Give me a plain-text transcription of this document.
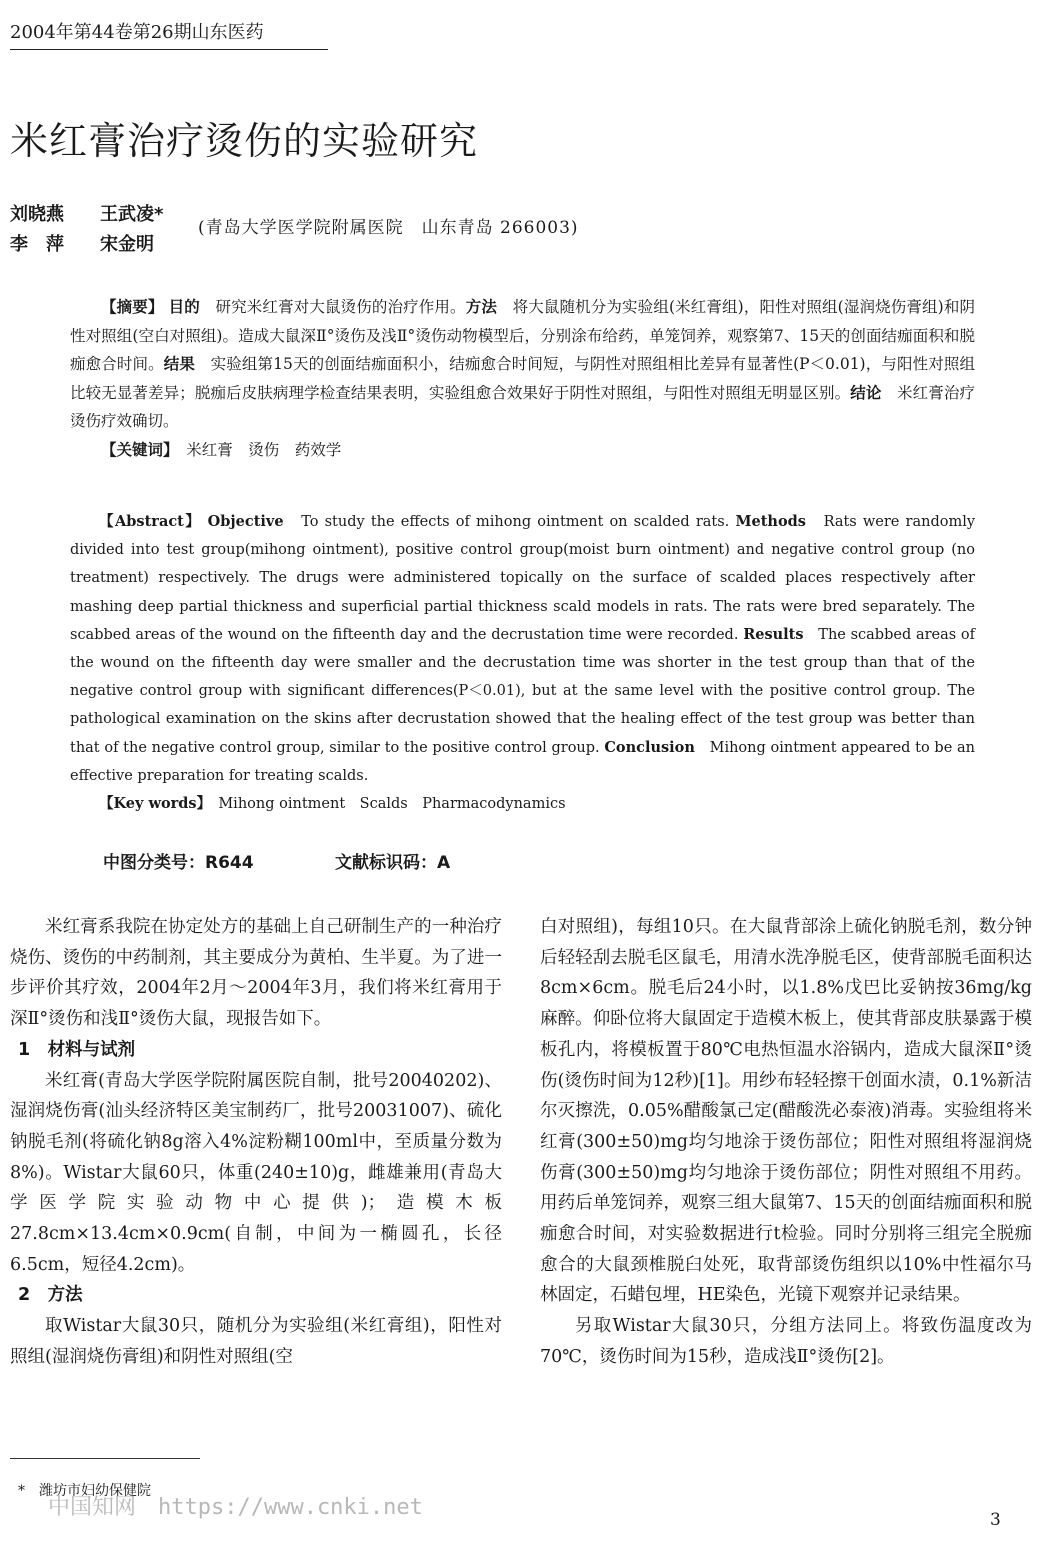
2004年第44卷第26期山东医药
米红膏治疗烫伤的实验研究
刘晓燕 王武凌*
李　萍 宋金明
(青岛大学医学院附属医院　山东青岛 266003)
【摘要】 目的　 研究米红膏对大鼠烫伤的治疗作用。方法　 将大鼠随机分为实验组(米红膏组)，阳性对照组(湿润烧伤膏组)和阴性对照组(空白对照组)。造成大鼠深Ⅱ°烫伤及浅Ⅱ°烫伤动物模型后，分别涂布给药，单笼饲养，观察第7、15天的创面结痂面积和脱痂愈合时间。结果　 实验组第15天的创面结痂面积小，结痂愈合时间短，与阴性对照组相比差异有显著性(P＜0.01)，与阳性对照组比较无显著差异；脱痂后皮肤病理学检查结果表明，实验组愈合效果好于阴性对照组，与阳性对照组无明显区别。结论　 米红膏治疗烫伤疗效确切。
【关键词】　 米红膏　烫伤　药效学
【Abstract】 Objective　 To study the effects of mihong ointment on scalded rats. Methods　 Rats were randomly divided into test group(mihong ointment), positive control group(moist burn ointment) and negative control group (no treatment) respectively. The drugs were administered topically on the surface of scalded places respectively after mashing deep partial thickness and superficial partial thickness scald models in rats. The rats were bred separately. The scabbed areas of the wound on the fifteenth day and the decrustation time were recorded. Results　 The scabbed areas of the wound on the fifteenth day were smaller and the decrustation time was shorter in the test group than that of the negative control group with significant differences(P＜0.01), but at the same level with the positive control group. The pathological examination on the skins after decrustation showed that the healing effect of the test group was better than that of the negative control group, similar to the positive control group. Conclusion　 Mihong ointment appeared to be an effective preparation for treating scalds.
【Key words】　 Mihong ointment　Scalds　Pharmacodynamics
中图分类号：R644	文献标识码：A

米红膏系我院在协定处方的基础上自己研制生产的一种治疗烧伤、烫伤的中药制剂，其主要成分为黄柏、生半夏。为了进一步评价其疗效，2004年2月～2004年3月，我们将米红膏用于深Ⅱ°烫伤和浅Ⅱ°烫伤大鼠，现报告如下。

1　材料与试剂

米红膏(青岛大学医学院附属医院自制，批号20040202)、湿润烧伤膏(汕头经济特区美宝制药厂，批号20031007)、硫化钠脱毛剂(将硫化钠8g溶入4%淀粉糊100ml中，至质量分数为8%)。Wistar大鼠60只，体重(240±10)g，雌雄兼用(青岛大学医学院实验动物中心提供)；造模木板27.8cm×13.4cm×0.9cm(自制，中间为一椭圆孔，长径6.5cm，短径4.2cm)。

2　方法

取Wistar大鼠30只，随机分为实验组(米红膏组)，阳性对照组(湿润烧伤膏组)和阴性对照组(空

白对照组)，每组10只。在大鼠背部涂上硫化钠脱毛剂，数分钟后轻轻刮去脱毛区鼠毛，用清水洗净脱毛区，使背部脱毛面积达8cm×6cm。脱毛后24小时，以1.8%戊巴比妥钠按36mg/kg麻醉。仰卧位将大鼠固定于造模木板上，使其背部皮肤暴露于模板孔内，将模板置于80℃电热恒温水浴锅内，造成大鼠深Ⅱ°烫伤(烫伤时间为12秒)[1]。用纱布轻轻擦干创面水渍，0.1%新洁尔灭擦洗，0.05%醋酸氯己定(醋酸洗必泰液)消毒。实验组将米红膏(300±50)mg均匀地涂于烫伤部位；阳性对照组将湿润烧伤膏(300±50)mg均匀地涂于烫伤部位；阴性对照组不用药。用药后单笼饲养，观察三组大鼠第7、15天的创面结痂面积和脱痂愈合时间，对实验数据进行t检验。同时分别将三组完全脱痂愈合的大鼠颈椎脱臼处死，取背部烫伤组织以10%中性福尔马林固定，石蜡包埋，HE染色，光镜下观察并记录结果。

另取Wistar大鼠30只，分组方法同上。将致伤温度改为70℃，烫伤时间为15秒，造成浅Ⅱ°烫伤[2]。

*　潍坊市妇幼保健院
中国知网　https://www.cnki.net	3
